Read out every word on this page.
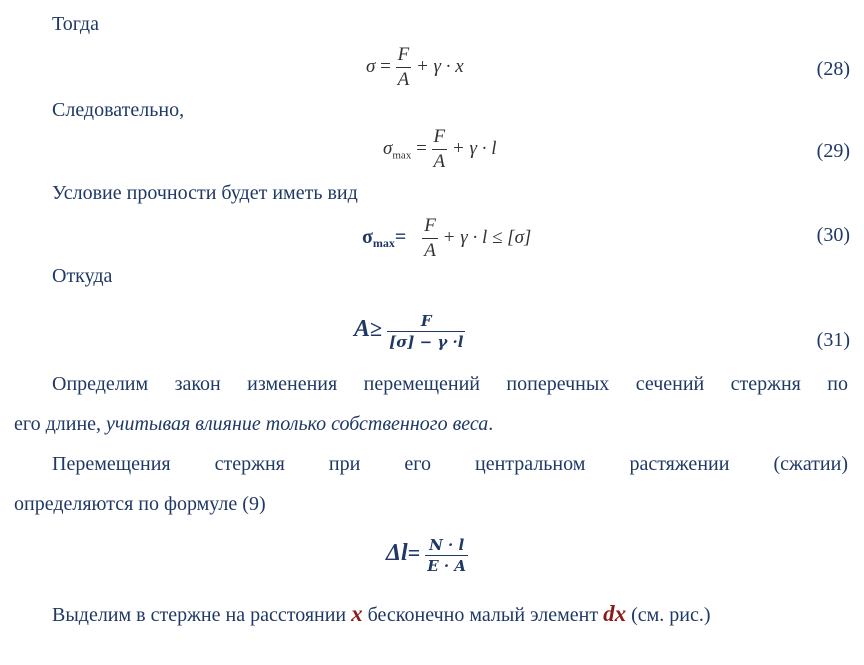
Тогда
$\sigma = \frac{F}{A} + \gamma \cdot x$	(28)
Следовательно,
$\sigma_{max} = \frac{F}{A} + \gamma \cdot l$	(29)
Условие прочности будет иметь вид
$\sigma_{max}= \frac{F}{A} + \gamma \cdot l \le [\sigma]$	(30)
Откуда
$A\ge \frac{F}{[\sigma] - \gamma \cdot l}$	(31)
Определим закон изменения перемещений поперечных сечений стержня по
его длине, учитывая влияние только собственного веса.
Перемещения стержня при его центральном растяжении (сжатии)
определяются по формуле (9)
$\Delta l= \frac{N \cdot l}{E \cdot A}$
Выделим в стержне на расстоянии x бесконечно малый элемент dx (см. рис.)
